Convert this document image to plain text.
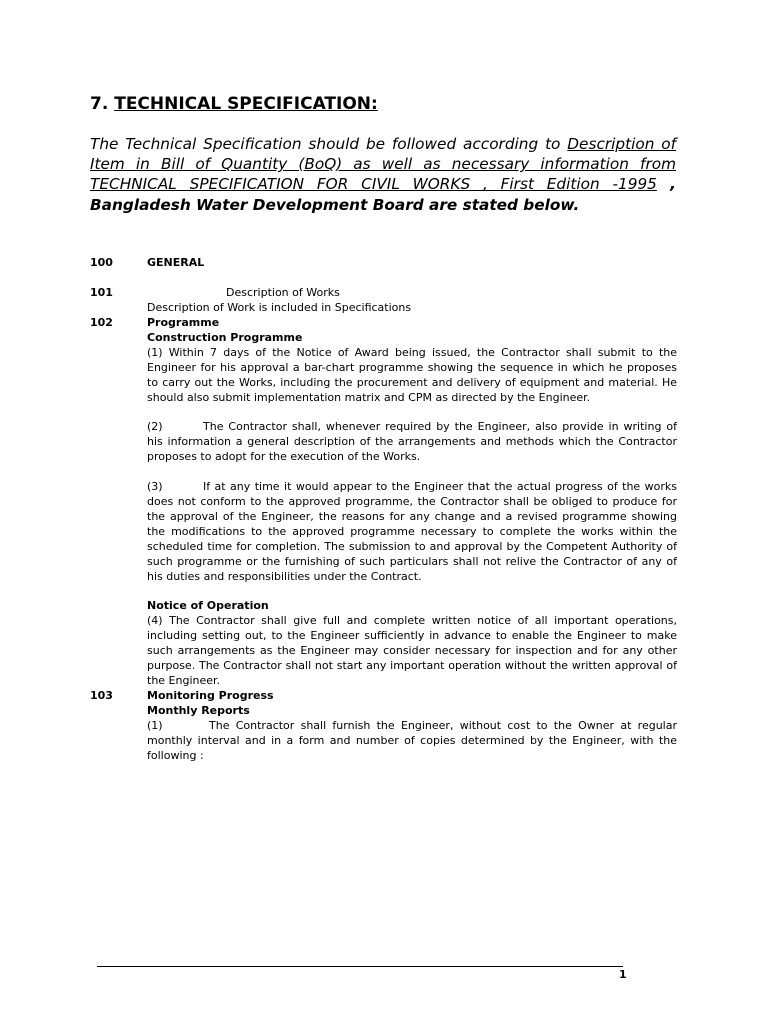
7. TECHNICAL SPECIFICATION:

The Technical Specification should be followed according to Description of Item in Bill of Quantity (BoQ) as well as necessary information from TECHNICAL SPECIFICATION FOR CIVIL WORKS , First Edition -1995 , Bangladesh Water Development Board are stated below.

100	GENERAL
101	Description of Works
Description of Work is included in Specifications
102	Programme
Construction Programme

(1) Within 7 days of the Notice of Award being issued, the Contractor shall submit to the Engineer for his approval a bar-chart programme showing the sequence in which he proposes to carry out the Works, including the procurement and delivery of equipment and material. He should also submit implementation matrix and CPM as directed by the Engineer.

(2)	The Contractor shall, whenever required by the Engineer, also provide in writing of his information a general description of the arrangements and methods which the Contractor proposes to adopt for the execution of the Works.

(3)	If at any time it would appear to the Engineer that the actual progress of the works does not conform to the approved programme, the Contractor shall be obliged to produce for the approval of the Engineer, the reasons for any change and a revised programme showing the modifications to the approved programme necessary to complete the works within the scheduled time for completion. The submission to and approval by the Competent Authority of such programme or the furnishing of such particulars shall not relive the Contractor of any of his duties and responsibilities under the Contract.

Notice of Operation

(4) The Contractor shall give full and complete written notice of all important operations, including setting out, to the Engineer sufficiently in advance to enable the Engineer to make such arrangements as the Engineer may consider necessary for inspection and for any other purpose. The Contractor shall not start any important operation without the written approval of the Engineer.

103	Monitoring Progress
Monthly Reports

(1)	The Contractor shall furnish the Engineer, without cost to the Owner at regular monthly interval and in a form and number of copies determined by the Engineer, with the following :

1
